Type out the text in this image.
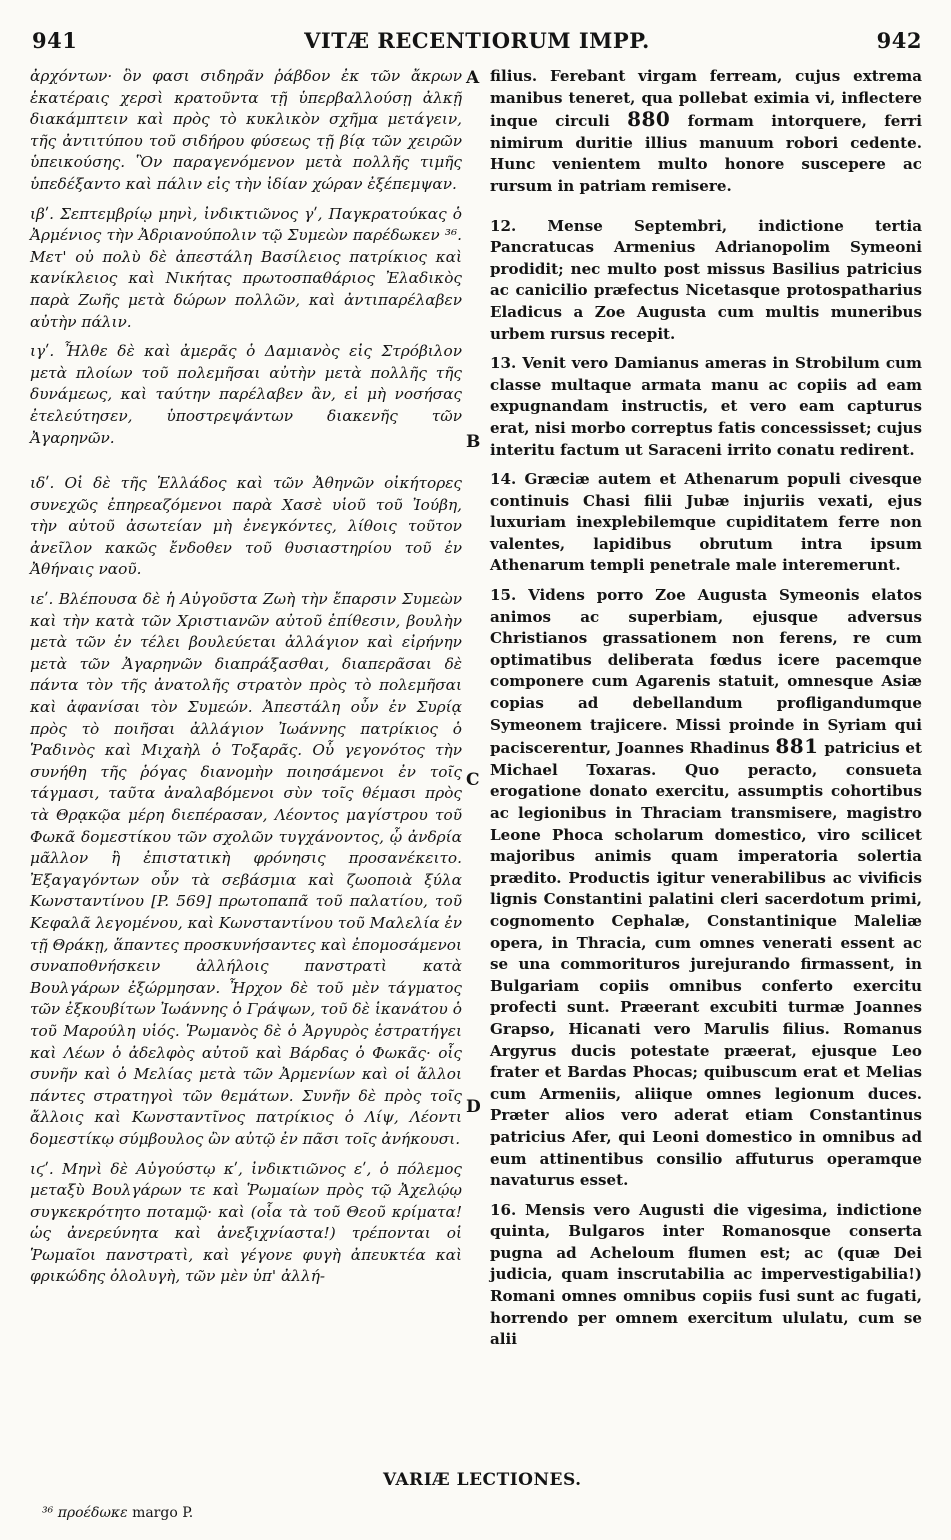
941	VITÆ RECENTIORUM IMPP.	942

ἀρχόντων· ὃν φασι σιδηρᾶν ῥάβδον ἐκ τῶν ἄκρων ἑκατέραις χερσὶ κρατοῦντα τῇ ὑπερβαλλούσῃ ἀλκῇ διακάμπτειν καὶ πρὸς τὸ κυκλικὸν σχῆμα μετάγειν, τῆς ἀντιτύπου τοῦ σιδήρου φύσεως τῇ βίᾳ τῶν χειρῶν ὑπεικούσης. Ὃν παραγενόμενον μετὰ πολλῆς τιμῆς ὑπεδέξαντο καὶ πάλιν εἰς τὴν ἰδίαν χώραν ἐξέπεμψαν.

ιβʹ. Σεπτεμβρίῳ μηνὶ, ἰνδικτιῶνος γʹ, Παγκρατούκας ὁ Ἀρμένιος τὴν Ἀδριανούπολιν τῷ Συμεὼν παρέδωκεν ³⁶. Μετ' οὐ πολὺ δὲ ἀπεστάλη Βασίλειος πατρίκιος καὶ κανίκλειος καὶ Νικήτας πρωτοσπαθάριος Ἐλαδικὸς παρὰ Ζωῆς μετὰ δώρων πολλῶν, καὶ ἀντιπαρέλαβεν αὐτὴν πάλιν.

ιγʹ. Ἦλθε δὲ καὶ ἀμερᾶς ὁ Δαμιανὸς εἰς Στρόβιλον μετὰ πλοίων τοῦ πολεμῆσαι αὐτὴν μετὰ πολλῆς τῆς δυνάμεως, καὶ ταύτην παρέλαβεν ἂν, εἰ μὴ νοσήσας ἐτελεύτησεν, ὑποστρεψάντων διακενῆς τῶν Ἀγαρηνῶν.

ιδʹ. Οἱ δὲ τῆς Ἑλλάδος καὶ τῶν Ἀθηνῶν οἰκήτορες συνεχῶς ἐπηρεαζόμενοι παρὰ Χασὲ υἱοῦ τοῦ Ἰούβη, τὴν αὐτοῦ ἀσωτείαν μὴ ἐνεγκόντες, λίθοις τοῦτον ἀνεῖλον κακῶς ἔνδοθεν τοῦ θυσιαστηρίου τοῦ ἐν Ἀθήναις ναοῦ.

ιεʹ. Βλέπουσα δὲ ἡ Αὐγοῦστα Ζωὴ τὴν ἔπαρσιν Συμεὼν καὶ τὴν κατὰ τῶν Χριστιανῶν αὐτοῦ ἐπίθεσιν, βουλὴν μετὰ τῶν ἐν τέλει βουλεύεται ἀλλάγιον καὶ εἰρήνην μετὰ τῶν Ἀγαρηνῶν διαπράξασθαι, διαπερᾶσαι δὲ πάντα τὸν τῆς ἀνατολῆς στρατὸν πρὸς τὸ πολεμῆσαι καὶ ἀφανίσαι τὸν Συμεών. Ἀπεστάλη οὖν ἐν Συρίᾳ πρὸς τὸ ποιῆσαι ἀλλάγιον Ἰωάννης πατρίκιος ὁ Ῥαδινὸς καὶ Μιχαὴλ ὁ Τοξαρᾶς. Οὗ γεγονότος τὴν συνήθη τῆς ῥόγας διανομὴν ποιησάμενοι ἐν τοῖς τάγμασι, ταῦτα ἀναλαβόμενοι σὺν τοῖς θέμασι πρὸς τὰ Θρᾳκῷα μέρη διεπέρασαν, Λέοντος μαγίστρου τοῦ Φωκᾶ δομεστίκου τῶν σχολῶν τυγχάνοντος, ᾧ ἀνδρία μᾶλλον ἢ ἐπιστατικὴ φρόνησις προσανέκειτο. Ἐξαγαγόντων οὖν τὰ σεβάσμια καὶ ζωοποιὰ ξύλα Κωνσταντίνου [P. 569] πρωτοπαπᾶ τοῦ παλατίου, τοῦ Κεφαλᾶ λεγομένου, καὶ Κωνσταντίνου τοῦ Μαλελία ἐν τῇ Θράκῃ, ἅπαντες προσκυνήσαντες καὶ ἐπομοσάμενοι συναποθνήσκειν ἀλλήλοις πανστρατὶ κατὰ Βουλγάρων ἐξώρμησαν. Ἦρχον δὲ τοῦ μὲν τάγματος τῶν ἐξκουβίτων Ἰωάννης ὁ Γράψων, τοῦ δὲ ἱκανάτου ὁ τοῦ Μαρούλη υἱός. Ῥωμανὸς δὲ ὁ Ἀργυρὸς ἐστρατήγει καὶ Λέων ὁ ἀδελφὸς αὐτοῦ καὶ Βάρδας ὁ Φωκᾶς· οἷς συνῆν καὶ ὁ Μελίας μετὰ τῶν Ἀρμενίων καὶ οἱ ἄλλοι πάντες στρατηγοὶ τῶν θεμάτων. Συνῆν δὲ πρὸς τοῖς ἄλλοις καὶ Κωνσταντῖνος πατρίκιος ὁ Λίψ, Λέοντι δομεστίκῳ σύμβουλος ὢν αὐτῷ ἐν πᾶσι τοῖς ἀνήκουσι.

ιϛʹ. Μηνὶ δὲ Αὐγούστῳ κʹ, ἰνδικτιῶνος εʹ, ὁ πόλεμος μεταξὺ Βουλγάρων τε καὶ Ῥωμαίων πρὸς τῷ Ἀχελῴῳ συγκεκρότητο ποταμῷ· καὶ (οἷα τὰ τοῦ Θεοῦ κρίματα! ὡς ἀνερεύνητα καὶ ἀνεξιχνίαστα!) τρέπονται οἱ Ῥωμαῖοι πανστρατὶ, καὶ γέγονε φυγὴ ἀπευκτέα καὶ φρικώδης ὀλολυγὴ, τῶν μὲν ὑπ' ἀλλή-

A
B
C
D

filius. Ferebant virgam ferream, cujus extrema manibus teneret, qua pollebat eximia vi, inflectere inque circuli 880 formam intorquere, ferri nimirum duritie illius manuum robori cedente. Hunc venientem multo honore suscepere ac rursum in patriam remisere.

12. Mense Septembri, indictione tertia Pancratucas Armenius Adrianopolim Symeoni prodidit; nec multo post missus Basilius patricius ac canicilio præfectus Nicetasque protospatharius Eladicus a Zoe Augusta cum multis muneribus urbem rursus recepit.

13. Venit vero Damianus ameras in Strobilum cum classe multaque armata manu ac copiis ad eam expugnandam instructis, et vero eam capturus erat, nisi morbo correptus fatis concessisset; cujus interitu factum ut Saraceni irrito conatu redirent.

14. Græciæ autem et Athenarum populi civesque continuis Chasi filii Jubæ injuriis vexati, ejus luxuriam inexplebilemque cupiditatem ferre non valentes, lapidibus obrutum intra ipsum Athenarum templi penetrale male interemerunt.

15. Videns porro Zoe Augusta Symeonis elatos animos ac superbiam, ejusque adversus Christianos grassationem non ferens, re cum optimatibus deliberata fœdus icere pacemque componere cum Agarenis statuit, omnesque Asiæ copias ad debellandum profligandumque Symeonem trajicere. Missi proinde in Syriam qui paciscerentur, Joannes Rhadinus 881 patricius et Michael Toxaras. Quo peracto, consueta erogatione donato exercitu, assumptis cohortibus ac legionibus in Thraciam transmisere, magistro Leone Phoca scholarum domestico, viro scilicet majoribus animis quam imperatoria solertia prædito. Productis igitur venerabilibus ac vivificis lignis Constantini palatini cleri sacerdotum primi, cognomento Cephalæ, Constantinique Maleliæ opera, in Thracia, cum omnes venerati essent ac se una commorituros jurejurando firmassent, in Bulgariam copiis omnibus conferto exercitu profecti sunt. Præerant excubiti turmæ Joannes Grapso, Hicanati vero Marulis filius. Romanus Argyrus ducis potestate præerat, ejusque Leo frater et Bardas Phocas; quibuscum erat et Melias cum Armeniis, aliique omnes legionum duces. Præter alios vero aderat etiam Constantinus patricius Afer, qui Leoni domestico in omnibus ad eum attinentibus consilio affuturus operamque navaturus esset.

16. Mensis vero Augusti die vigesima, indictione quinta, Bulgaros inter Romanosque conserta pugna ad Acheloum flumen est; ac (quæ Dei judicia, quam inscrutabilia ac impervestigabilia!) Romani omnes omnibus copiis fusi sunt ac fugati, horrendo per omnem exercitum ululatu, cum se alii

VARIÆ LECTIONES.
³⁶ προέδωκε margo P.
